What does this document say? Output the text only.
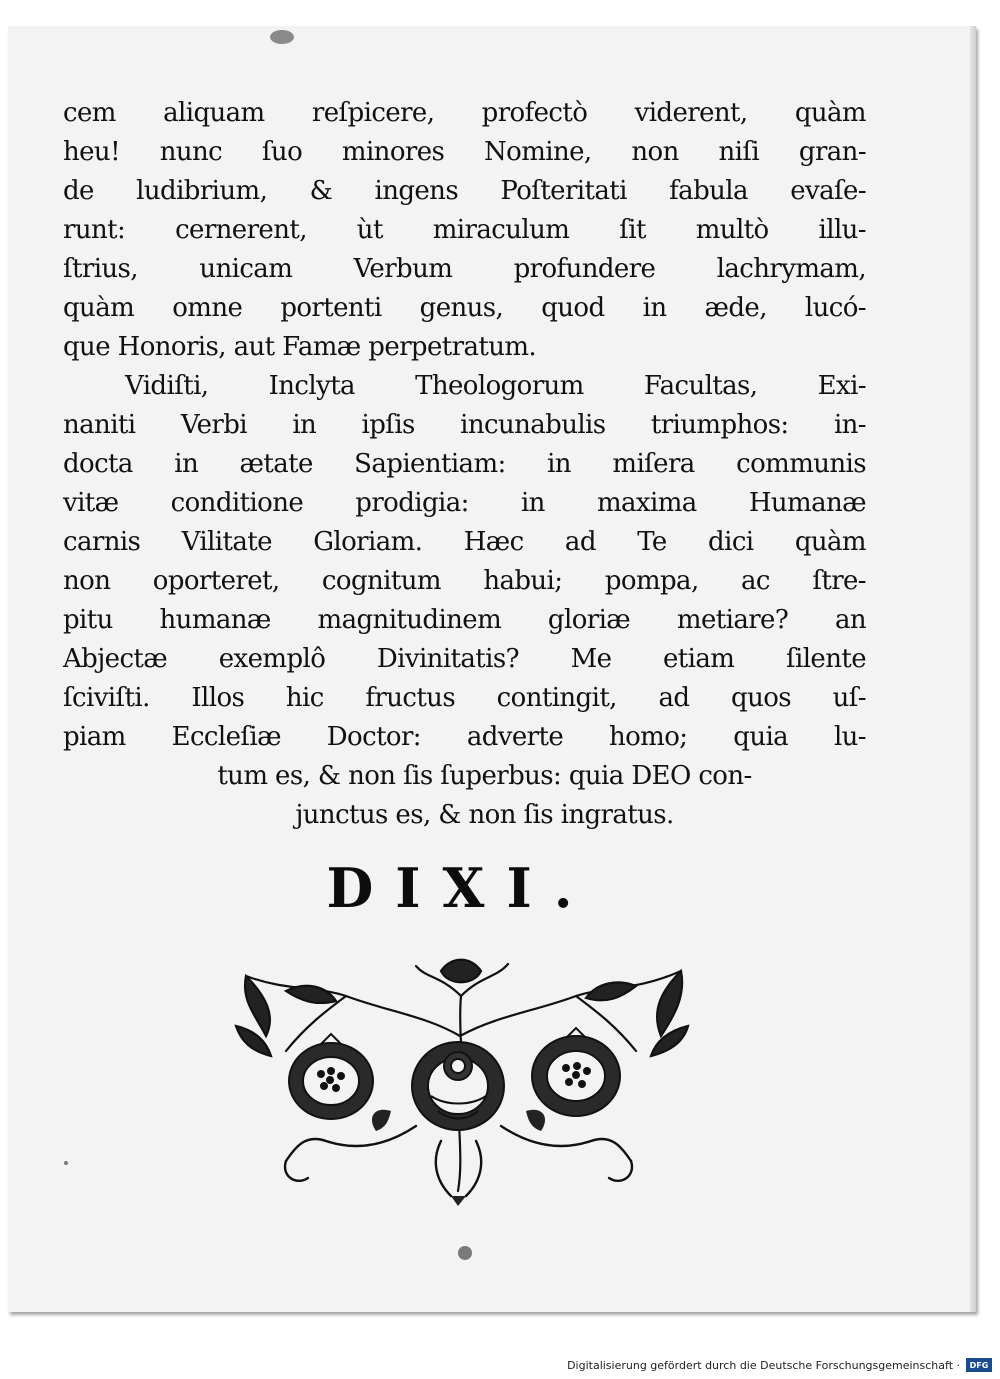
cem aliquam reſpicere, profectò viderent, quàm
heu! nunc ſuo minores Nomine, non niſi gran-
de ludibrium, & ingens Poſteritati fabula evaſe-
runt: cernerent, ùt miraculum ſit multò illu-
ſtrius, unicam Verbum profundere lachrymam,
quàm omne portenti genus, quod in æde, lucó-
que Honoris, aut Famæ perpetratum.
Vidiſti, Inclyta Theologorum Facultas, Exi-
naniti Verbi in ipſis incunabulis triumphos: in-
docta in ætate Sapientiam: in miſera communis
vitæ conditione prodigia: in maxima Humanæ
carnis Vilitate Gloriam. Hæc ad Te dici quàm
non oporteret, cognitum habui; pompa, ac ſtre-
pitu humanæ magnitudinem gloriæ metiare? an
Abjectæ exemplô Divinitatis? Me etiam ſilente
ſciviſti. Illos hic fructus contingit, ad quos uſ-
piam Eccleſiæ Doctor: adverte homo; quia lu-
tum es, & non ſis ſuperbus: quia DEO con-
junctus es, & non ſis ingratus.
DIXI.
Digitalisierung gefördert durch die Deutsche Forschungsgemeinschaft ·	DFG
